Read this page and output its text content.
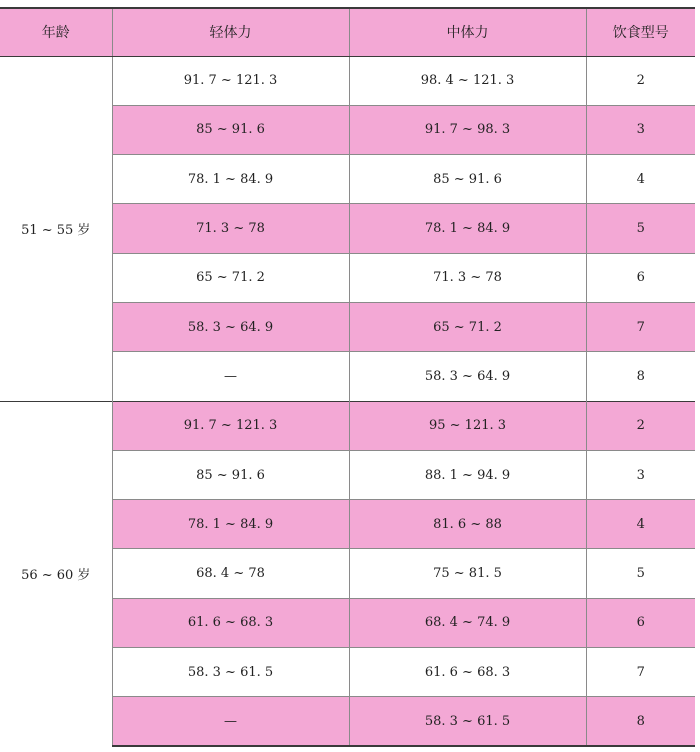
年龄	轻体力	中体力	饮食型号
51 ~ 55 岁	91. 7 ~ 121. 3	98. 4 ~ 121. 3	2
	85 ~ 91. 6	91. 7 ~ 98. 3	3
	78. 1 ~ 84. 9	85 ~ 91. 6	4
	71. 3 ~ 78	78. 1 ~ 84. 9	5
	65 ~ 71. 2	71. 3 ~ 78	6
	58. 3 ~ 64. 9	65 ~ 71. 2	7
	—	58. 3 ~ 64. 9	8
56 ~ 60 岁	91. 7 ~ 121. 3	95 ~ 121. 3	2
	85 ~ 91. 6	88. 1 ~ 94. 9	3
	78. 1 ~ 84. 9	81. 6 ~ 88	4
	68. 4 ~ 78	75 ~ 81. 5	5
	61. 6 ~ 68. 3	68. 4 ~ 74. 9	6
	58. 3 ~ 61. 5	61. 6 ~ 68. 3	7
	—	58. 3 ~ 61. 5	8
